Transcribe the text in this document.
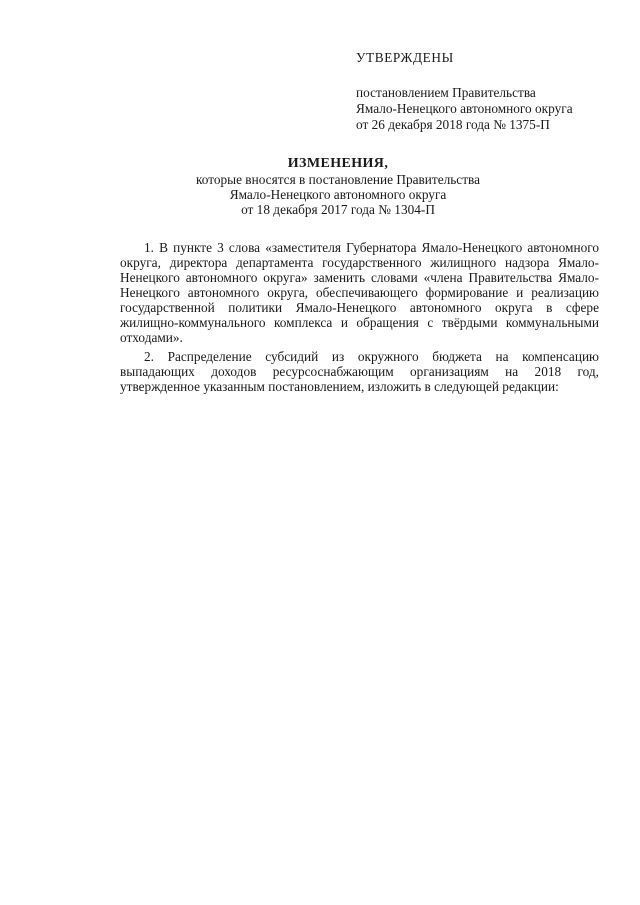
УТВЕРЖДЕНЫ
постановлением Правительства
Ямало-Ненецкого автономного округа
от 26 декабря 2018 года № 1375-П
ИЗМЕНЕНИЯ,
которые вносятся в постановление Правительства
Ямало-Ненецкого автономного округа
от 18 декабря 2017 года № 1304-П

1. В пункте 3 слова «заместителя Губернатора Ямало-Ненецкого автономного округа, директора департамента государственного жилищного надзора Ямало-Ненецкого автономного округа» заменить словами «члена Правительства Ямало-Ненецкого автономного округа, обеспечивающего формирование и реализацию государственной политики Ямало-Ненецкого автономного округа в сфере жилищно-коммунального комплекса и обращения с твёрдыми коммунальными отходами».

2. Распределение субсидий из окружного бюджета на компенсацию выпадающих доходов ресурсоснабжающим организациям на 2018 год, утвержденное указанным постановлением, изложить в следующей редакции:
